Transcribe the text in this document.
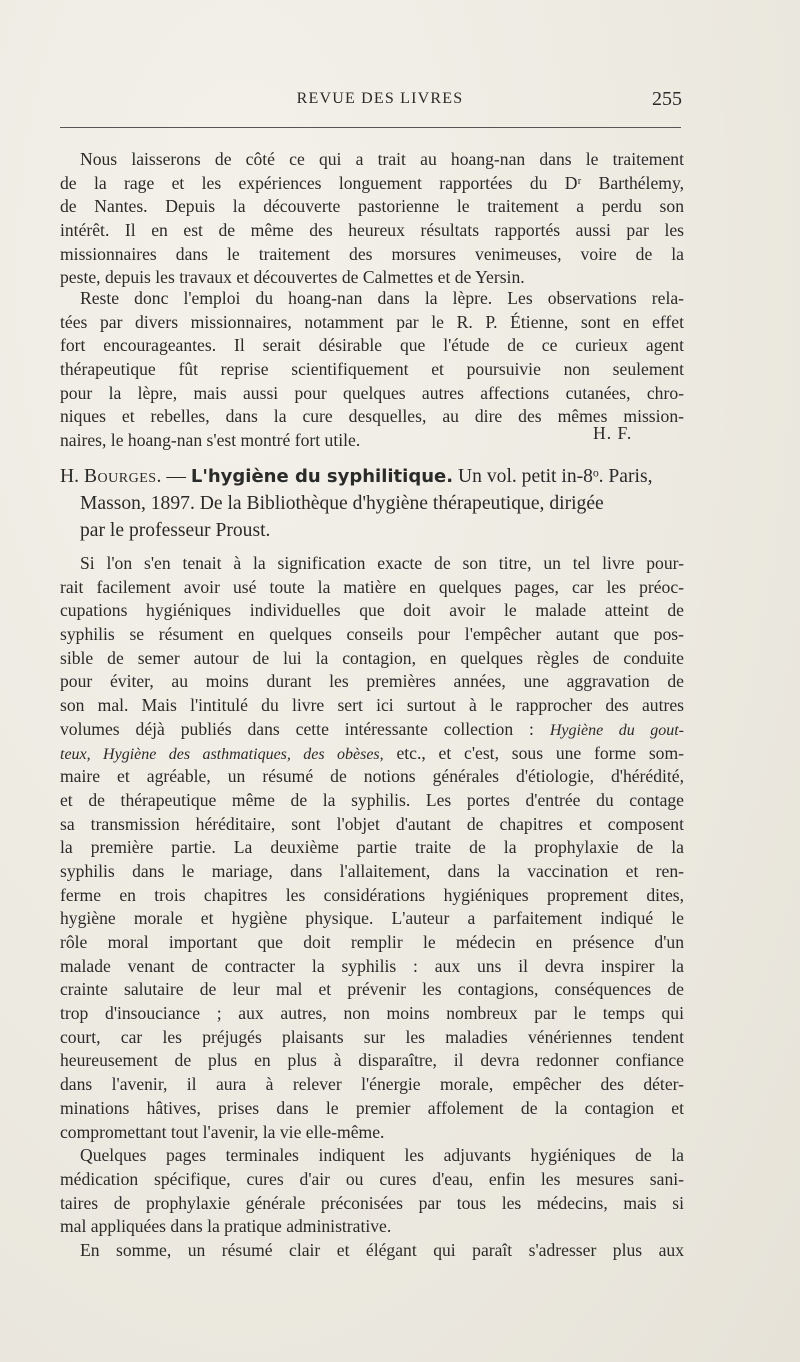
REVUE DES LIVRES	255
Nous laisserons de côté ce qui a trait au hoang-nan dans le traitement
de la rage et les expériences longuement rapportées du Dʳ Barthélemy,
de Nantes. Depuis la découverte pastorienne le traitement a perdu son
intérêt. Il en est de même des heureux résultats rapportés aussi par les
missionnaires dans le traitement des morsures venimeuses, voire de la
peste, depuis les travaux et découvertes de Calmettes et de Yersin.
Reste donc l'emploi du hoang-nan dans la lèpre. Les observations rela-
tées par divers missionnaires, notamment par le R. P. Étienne, sont en effet
fort encourageantes. Il serait désirable que l'étude de ce curieux agent
thérapeutique fût reprise scientifiquement et poursuivie non seulement
pour la lèpre, mais aussi pour quelques autres affections cutanées, chro-
niques et rebelles, dans la cure desquelles, au dire des mêmes mission-
naires, le hoang-nan s'est montré fort utile.	H. F.
H. Bourges. — L'hygiène du syphilitique. Un vol. petit in-8ᵒ. Paris,
Masson, 1897. De la Bibliothèque d'hygiène thérapeutique, dirigée
par le professeur Proust.
Si l'on s'en tenait à la signification exacte de son titre, un tel livre pour-
rait facilement avoir usé toute la matière en quelques pages, car les préoc-
cupations hygiéniques individuelles que doit avoir le malade atteint de
syphilis se résument en quelques conseils pour l'empêcher autant que pos-
sible de semer autour de lui la contagion, en quelques règles de conduite
pour éviter, au moins durant les premières années, une aggravation de
son mal. Mais l'intitulé du livre sert ici surtout à le rapprocher des autres
volumes déjà publiés dans cette intéressante collection : Hygiène du gout-
teux, Hygiène des asthmatiques, des obèses, etc., et c'est, sous une forme som-
maire et agréable, un résumé de notions générales d'étiologie, d'hérédité,
et de thérapeutique même de la syphilis. Les portes d'entrée du contage
sa transmission héréditaire, sont l'objet d'autant de chapitres et composent
la première partie. La deuxième partie traite de la prophylaxie de la
syphilis dans le mariage, dans l'allaitement, dans la vaccination et ren-
ferme en trois chapitres les considérations hygiéniques proprement dites,
hygiène morale et hygiène physique. L'auteur a parfaitement indiqué le
rôle moral important que doit remplir le médecin en présence d'un
malade venant de contracter la syphilis : aux uns il devra inspirer la
crainte salutaire de leur mal et prévenir les contagions, conséquences de
trop d'insouciance ; aux autres, non moins nombreux par le temps qui
court, car les préjugés plaisants sur les maladies vénériennes tendent
heureusement de plus en plus à disparaître, il devra redonner confiance
dans l'avenir, il aura à relever l'énergie morale, empêcher des déter-
minations hâtives, prises dans le premier affolement de la contagion et
compromettant tout l'avenir, la vie elle-même.
Quelques pages terminales indiquent les adjuvants hygiéniques de la
médication spécifique, cures d'air ou cures d'eau, enfin les mesures sani-
taires de prophylaxie générale préconisées par tous les médecins, mais si
mal appliquées dans la pratique administrative.
En somme, un résumé clair et élégant qui paraît s'adresser plus aux
